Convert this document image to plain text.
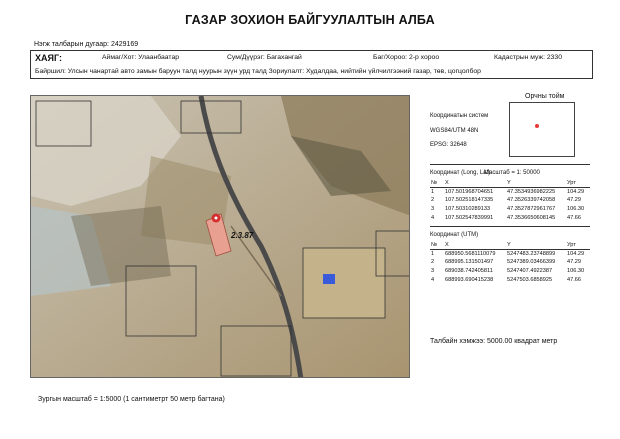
ГАЗАР ЗОХИОН БАЙГУУЛАЛТЫН АЛБА
Нэгж талбарын дугаар: 2429169
ХАЯГ:	Аймаг/Хот: Улаанбаатар	Сум/Дүүрэг: Багахангай	Баг/Хороо: 2-р хороо	Кадастрын муж: 2330
Байршил: Улсын чанартай авто замын баруун талд нуурын зүүн урд талд Зориулалт: Худалдаа, нийтийн үйлчилгээний газар, төв, цогцолбор
2.3.87
Орчны тойм
Координатын систем
WGS84/UTM 48N
EPSG: 32648
Координат (Long, Lat)
Масштаб = 1: 50000
№	X	Y	Урт
1	107.501968704651	47.3534936982225	104.29
2	107.502518147335	47.3526339742058	47.29
3	107.50310289133	47.3527872961767	106.30
4	107.502547839991	47.3536650608145	47.66
Координат (UTM)
№	X	Y	Урт
1	688950.5681110079	5247483.23748899	104.29
2	688995.131501497	5247389.03466399	47.29
3	689038.742405811	5247407.4922387	106.30
4	688993.690415238	5247503.6858925	47.66
Талбайн хэмжээ: 5000.00 квадрат метр
Зургын масштаб = 1:5000 (1 сантиметрт 50 метр багтана)
